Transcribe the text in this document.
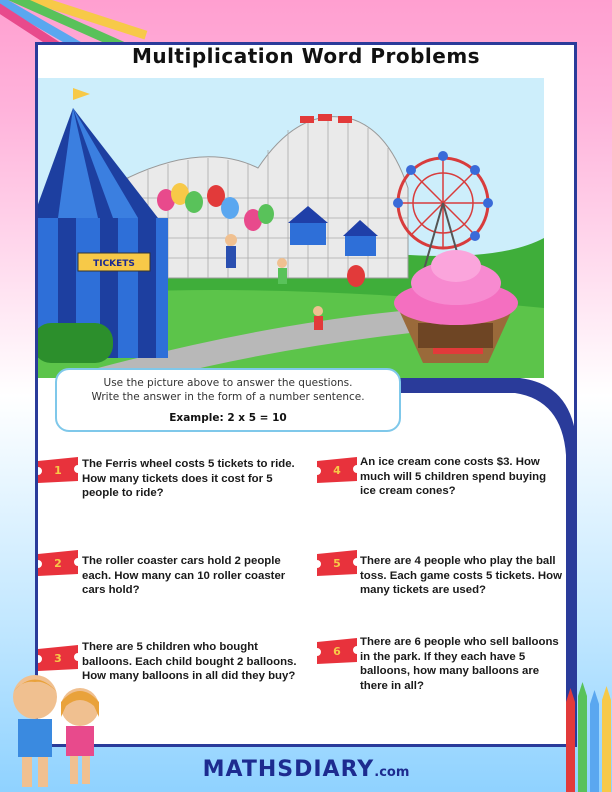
Multiplication Word Problems
TICKETS
Use the picture above to answer the questions.
Write the answer in the form of a number sentence.
Example: 2 x 5 = 10
1 The Ferris wheel costs 5 tickets to ride. How many tickets does it cost for 5 people to ride?
2 The roller coaster cars hold 2 people each. How many can 10 roller coaster cars hold?
3
There are 5 children who bought balloons. Each child bought 2 balloons. How many balloons in all did they buy?
4
An ice cream cone costs $3. How much will 5 children spend buying ice cream cones?
5 There are 4 people who play the ball toss. Each game costs 5 tickets. How many tickets are used?
6
There are 6 people who sell balloons in the park. If they each have 5 balloons, how many balloons are there in all?
MATHSDIARY.com
